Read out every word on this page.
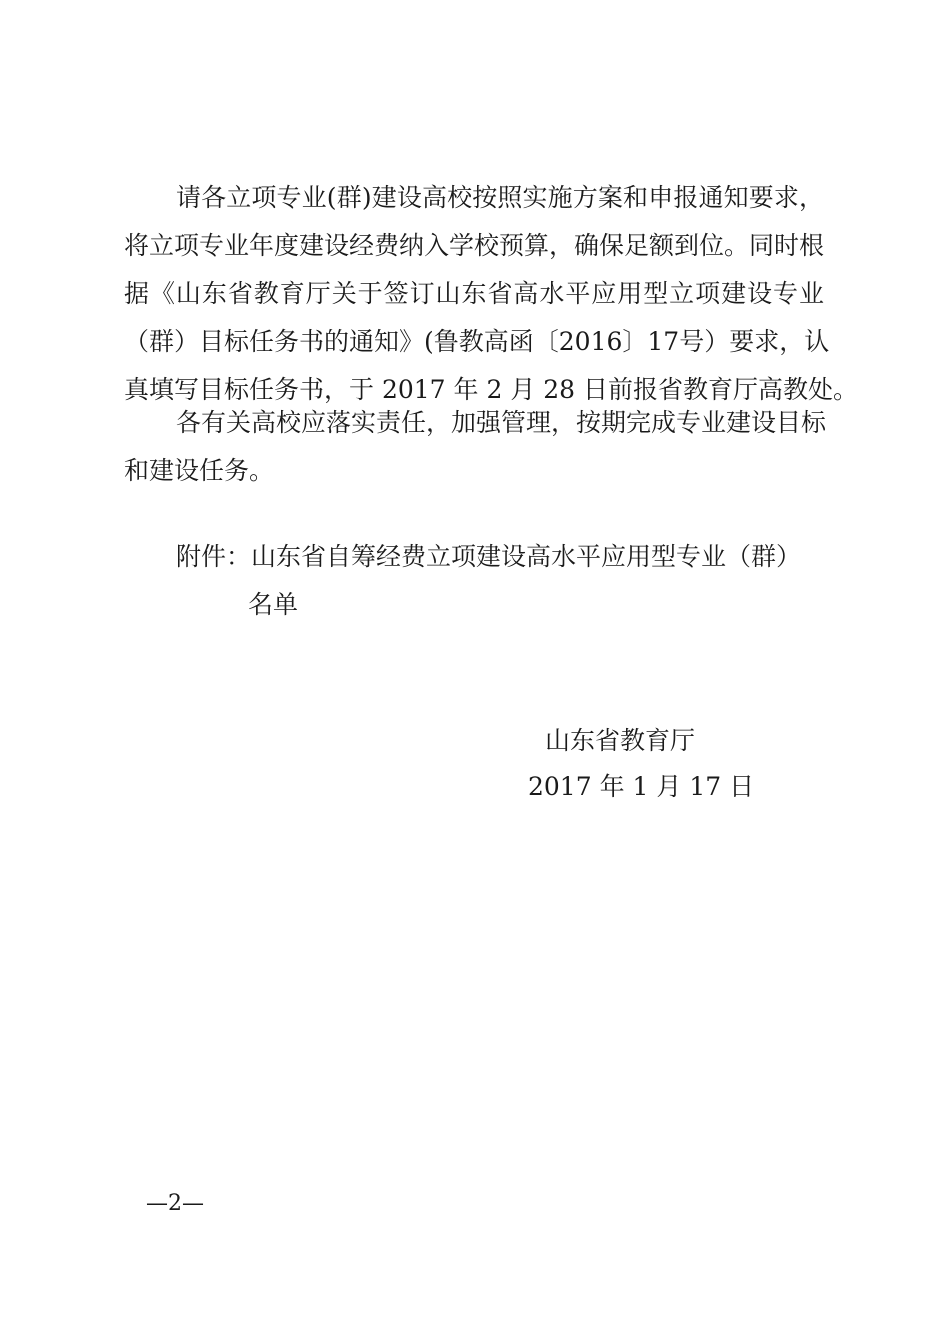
请各立项专业(群)建设高校按照实施方案和申报通知要求，
将立项专业年度建设经费纳入学校预算，确保足额到位。同时根
据《山东省教育厅关于签订山东省高水平应用型立项建设专业
（群）目标任务书的通知》(鲁教高函〔2016〕17号）要求，认
真填写目标任务书，于 2017 年 2 月 28 日前报省教育厅高教处。
各有关高校应落实责任，加强管理，按期完成专业建设目标
和建设任务。
附件：山东省自筹经费立项建设高水平应用型专业（群）
名单
山东省教育厅
2017 年 1 月 17 日
—2—
